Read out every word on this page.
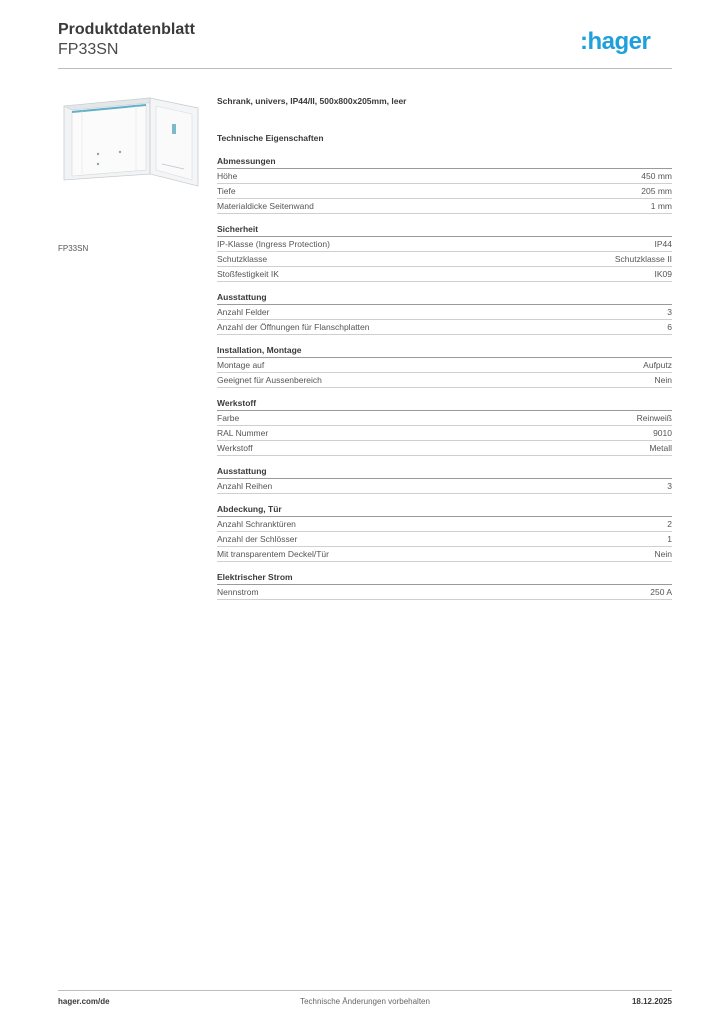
Produktdatenblatt
FP33SN	:hager
FP33SN
Schrank, univers, IP44/II, 500x800x205mm, leer
Technische Eigenschaften
Abmessungen
Höhe	450 mm
Tiefe	205 mm
Materialdicke Seitenwand	1 mm
Sicherheit
IP-Klasse (Ingress Protection)	IP44
Schutzklasse	Schutzklasse II
Stoßfestigkeit IK	IK09
Ausstattung
Anzahl Felder	3
Anzahl der Öffnungen für Flanschplatten	6
Installation, Montage
Montage auf	Aufputz
Geeignet für Aussenbereich	Nein
Werkstoff
Farbe	Reinweiß
RAL Nummer	9010
Werkstoff	Metall
Ausstattung
Anzahl Reihen	3
Abdeckung, Tür
Anzahl Schranktüren	2
Anzahl der Schlösser	1
Mit transparentem Deckel/Tür	Nein
Elektrischer Strom
Nennstrom	250 A
hager.com/de	Technische Änderungen vorbehalten	18.12.2025
